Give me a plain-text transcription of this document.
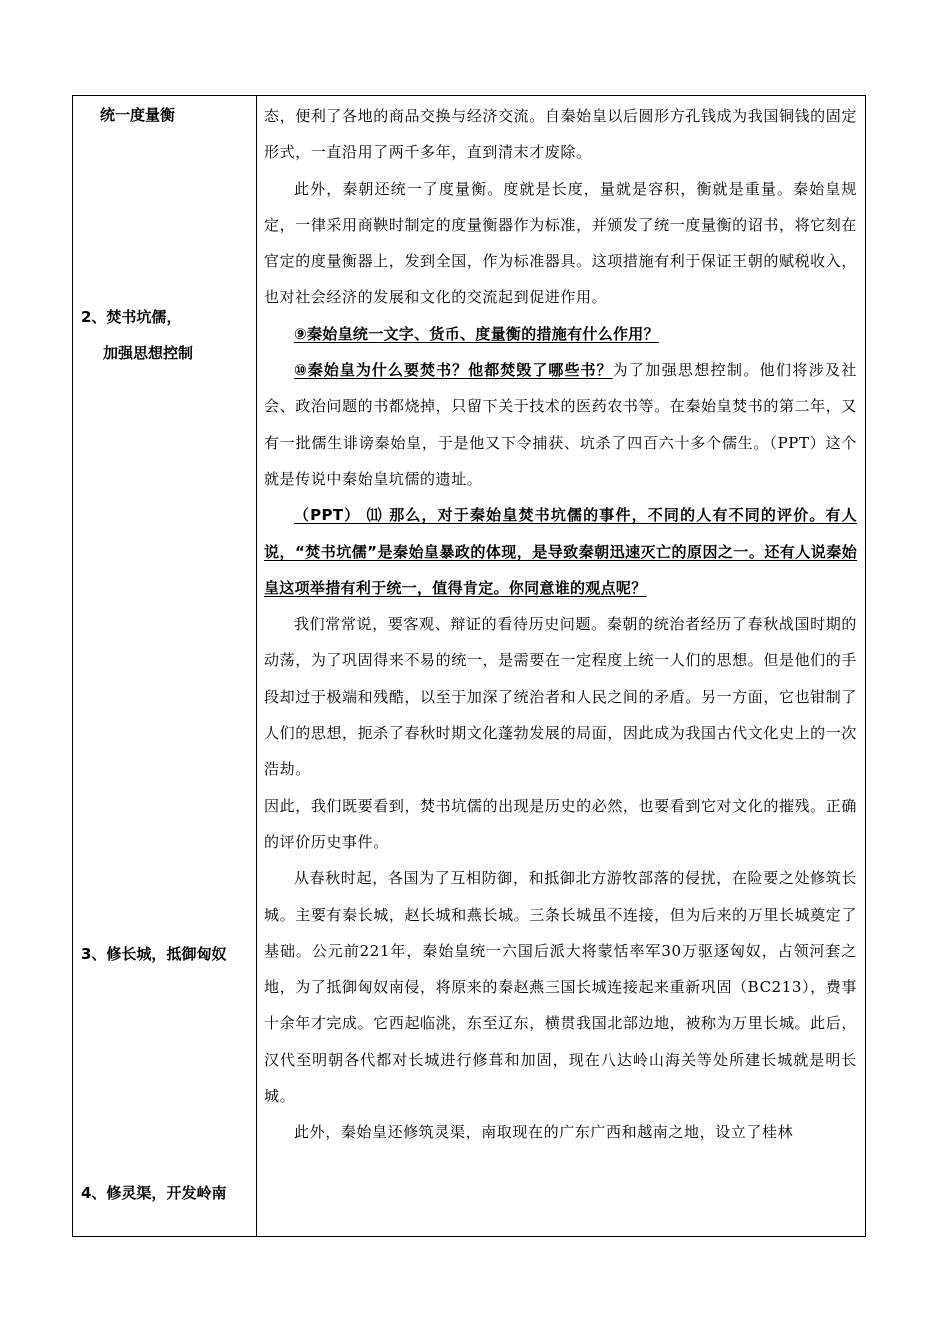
统一度量衡
2、焚书坑儒，
加强思想控制
3、修长城，抵御匈奴
4、修灵渠，开发岭南

态，便利了各地的商品交换与经济交流。自秦始皇以后圆形方孔钱成为我国铜钱的固定形式，一直沿用了两千多年，直到清末才废除。

此外，秦朝还统一了度量衡。度就是长度，量就是容积，衡就是重量。秦始皇规定，一律采用商鞅时制定的度量衡器作为标准，并颁发了统一度量衡的诏书，将它刻在官定的度量衡器上，发到全国，作为标准器具。这项措施有利于保证王朝的赋税收入，也对社会经济的发展和文化的交流起到促进作用。

⑨秦始皇统一文字、货币、度量衡的措施有什么作用？

⑩秦始皇为什么要焚书？他都焚毁了哪些书？为了加强思想控制。他们将涉及社会、政治问题的书都烧掉，只留下关于技术的医药农书等。在秦始皇焚书的第二年，又有一批儒生诽谤秦始皇，于是他又下令捕获、坑杀了四百六十多个儒生。（PPT）这个就是传说中秦始皇坑儒的遗址。

（PPT） ⑾ 那么，对于秦始皇焚书坑儒的事件，不同的人有不同的评价。有人说，“焚书坑儒”是秦始皇暴政的体现，是导致秦朝迅速灭亡的原因之一。还有人说秦始皇这项举措有利于统一，值得肯定。你同意谁的观点呢？

我们常常说，要客观、辩证的看待历史问题。秦朝的统治者经历了春秋战国时期的动荡，为了巩固得来不易的统一，是需要在一定程度上统一人们的思想。但是他们的手段却过于极端和残酷，以至于加深了统治者和人民之间的矛盾。另一方面，它也钳制了人们的思想，扼杀了春秋时期文化蓬勃发展的局面，因此成为我国古代文化史上的一次浩劫。

因此，我们既要看到，焚书坑儒的出现是历史的必然，也要看到它对文化的摧残。正确的评价历史事件。

从春秋时起，各国为了互相防御，和抵御北方游牧部落的侵扰，在险要之处修筑长城。主要有秦长城，赵长城和燕长城。三条长城虽不连接，但为后来的万里长城奠定了基础。公元前221年，秦始皇统一六国后派大将蒙恬率军30万驱逐匈奴，占领河套之地，为了抵御匈奴南侵，将原来的秦赵燕三国长城连接起来重新巩固（BC213），费事十余年才完成。它西起临洮，东至辽东，横贯我国北部边地，被称为万里长城。此后，汉代至明朝各代都对长城进行修葺和加固，现在八达岭山海关等处所建长城就是明长城。

此外，秦始皇还修筑灵渠，南取现在的广东广西和越南之地，设立了桂林
